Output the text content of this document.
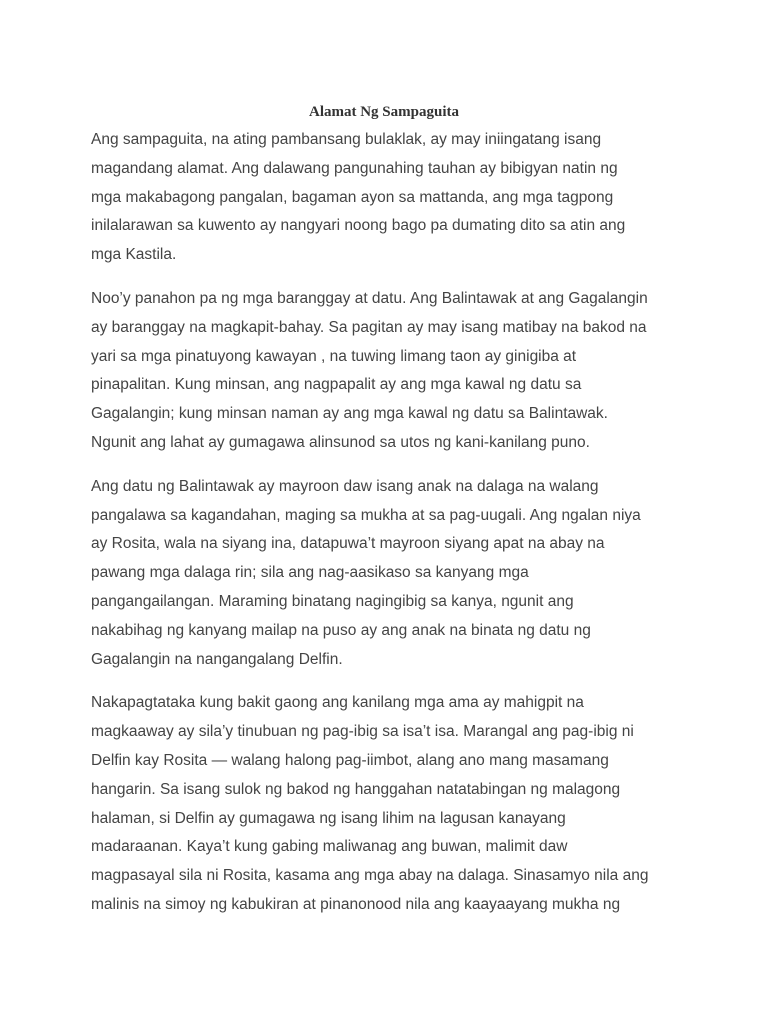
Alamat Ng Sampaguita

Ang sampaguita, na ating pambansang bulaklak, ay may iniingatang isang
magandang alamat. Ang dalawang pangunahing tauhan ay bibigyan natin ng
mga makabagong pangalan, bagaman ayon sa mattanda, ang mga tagpong
inilalarawan sa kuwento ay nangyari noong bago pa dumating dito sa atin ang
mga Kastila.

Noo’y panahon pa ng mga baranggay at datu. Ang Balintawak at ang Gagalangin
ay baranggay na magkapit-bahay. Sa pagitan ay may isang matibay na bakod na
yari sa mga pinatuyong kawayan , na tuwing limang taon ay ginigiba at
pinapalitan. Kung minsan, ang nagpapalit ay ang mga kawal ng datu sa
Gagalangin; kung minsan naman ay ang mga kawal ng datu sa Balintawak.
Ngunit ang lahat ay gumagawa alinsunod sa utos ng kani-kanilang puno.

Ang datu ng Balintawak ay mayroon daw isang anak na dalaga na walang
pangalawa sa kagandahan, maging sa mukha at sa pag-uugali. Ang ngalan niya
ay Rosita, wala na siyang ina, datapuwa’t mayroon siyang apat na abay na
pawang mga dalaga rin; sila ang nag-aasikaso sa kanyang mga
pangangailangan. Maraming binatang nagingibig sa kanya, ngunit ang
nakabihag ng kanyang mailap na puso ay ang anak na binata ng datu ng
Gagalangin na nangangalang Delfin.

Nakapagtataka kung bakit gaong ang kanilang mga ama ay mahigpit na
magkaaway ay sila’y tinubuan ng pag-ibig sa isa’t isa. Marangal ang pag-ibig ni
Delfin kay Rosita — walang halong pag-iimbot, alang ano mang masamang
hangarin. Sa isang sulok ng bakod ng hanggahan natatabingan ng malagong
halaman, si Delfin ay gumagawa ng isang lihim na lagusan kanayang
madaraanan. Kaya’t kung gabing maliwanag ang buwan, malimit daw
magpasayal sila ni Rosita, kasama ang mga abay na dalaga. Sinasamyo nila ang
malinis na simoy ng kabukiran at pinanonood nila ang kaayaayang mukha ng
